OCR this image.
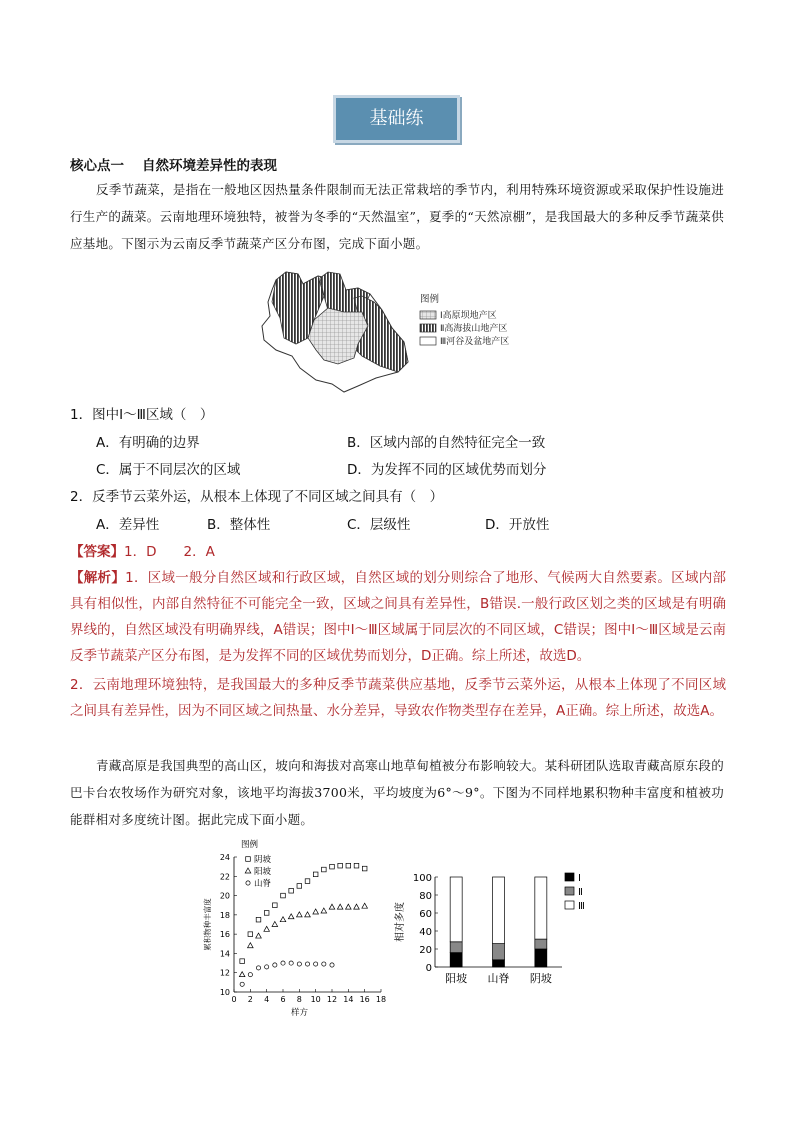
基础练
核心点一 自然环境差异性的表现
反季节蔬菜，是指在一般地区因热量条件限制而无法正常栽培的季节内，利用特殊环境资源或采取保护性设施进行生产的蔬菜。云南地理环境独特，被誉为冬季的“天然温室”，夏季的“天然凉棚”，是我国最大的多种反季节蔬菜供应基地。下图示为云南反季节蔬菜产区分布图，完成下面小题。
图例
Ⅰ高原坝地产区
Ⅱ高海拔山地产区
Ⅲ河谷及盆地产区
1．图中Ⅰ～Ⅲ区域（　）
A．有明确的边界	B．区域内部的自然特征完全一致
C．属于不同层次的区域	D．为发挥不同的区域优势而划分
2．反季节云菜外运，从根本上体现了不同区域之间具有（　）
A．差异性	B．整体性	C．层级性	D．开放性
【答案】1．D　　2．A
【解析】1．区域一般分自然区域和行政区域，自然区域的划分则综合了地形、气候两大自然要素。区域内部具有相似性，内部自然特征不可能完全一致，区域之间具有差异性，B错误.一般行政区划之类的区域是有明确界线的，自然区域没有明确界线，A错误；图中Ⅰ～Ⅲ区域属于同层次的不同区域，C错误；图中Ⅰ～Ⅲ区域是云南反季节蔬菜产区分布图，是为发挥不同的区域优势而划分，D正确。综上所述，故选D。
2．云南地理环境独特，是我国最大的多种反季节蔬菜供应基地，反季节云菜外运，从根本上体现了不同区域之间具有差异性，因为不同区域之间热量、水分差异，导致农作物类型存在差异，A正确。综上所述，故选A。
青藏高原是我国典型的高山区，坡向和海拔对高寒山地草甸植被分布影响较大。某科研团队选取青藏高原东段的巴卡台农牧场作为研究对象，该地平均海拔3700米，平均坡度为6°～9°。下图为不同样地累积物种丰富度和植被功能群相对多度统计图。据此完成下面小题。
10
12
14
16
18
20
22
24
0 2 4 6 8 10 12 14 16 18
样方
累积物种丰富度
图例
阴坡
阳坡
山脊
0
20
40
60
80
100
相对多度
阳坡 山脊 阴坡
Ⅰ
Ⅱ
Ⅲ
